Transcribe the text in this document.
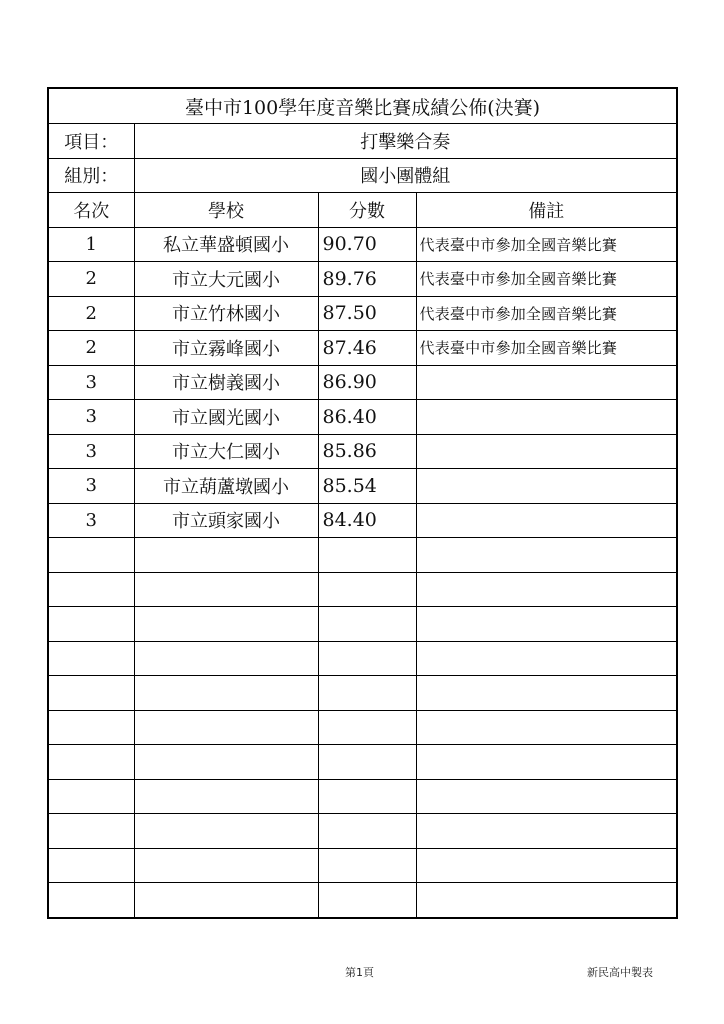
臺中市100學年度音樂比賽成績公佈(決賽)			
項目：	打擊樂合奏		
組別：	國小團體組		
名次	學校	分數	備註
1	私立華盛頓國小	90.70	代表臺中市參加全國音樂比賽
2	市立大元國小	89.76	代表臺中市參加全國音樂比賽
2	市立竹林國小	87.50	代表臺中市參加全國音樂比賽
2	市立霧峰國小	87.46	代表臺中市參加全國音樂比賽
3	市立樹義國小	86.90	
3	市立國光國小	86.40	
3	市立大仁國小	85.86	
3	市立葫蘆墩國小	85.54	
3	市立頭家國小	84.40	

第1頁	新民高中製表
